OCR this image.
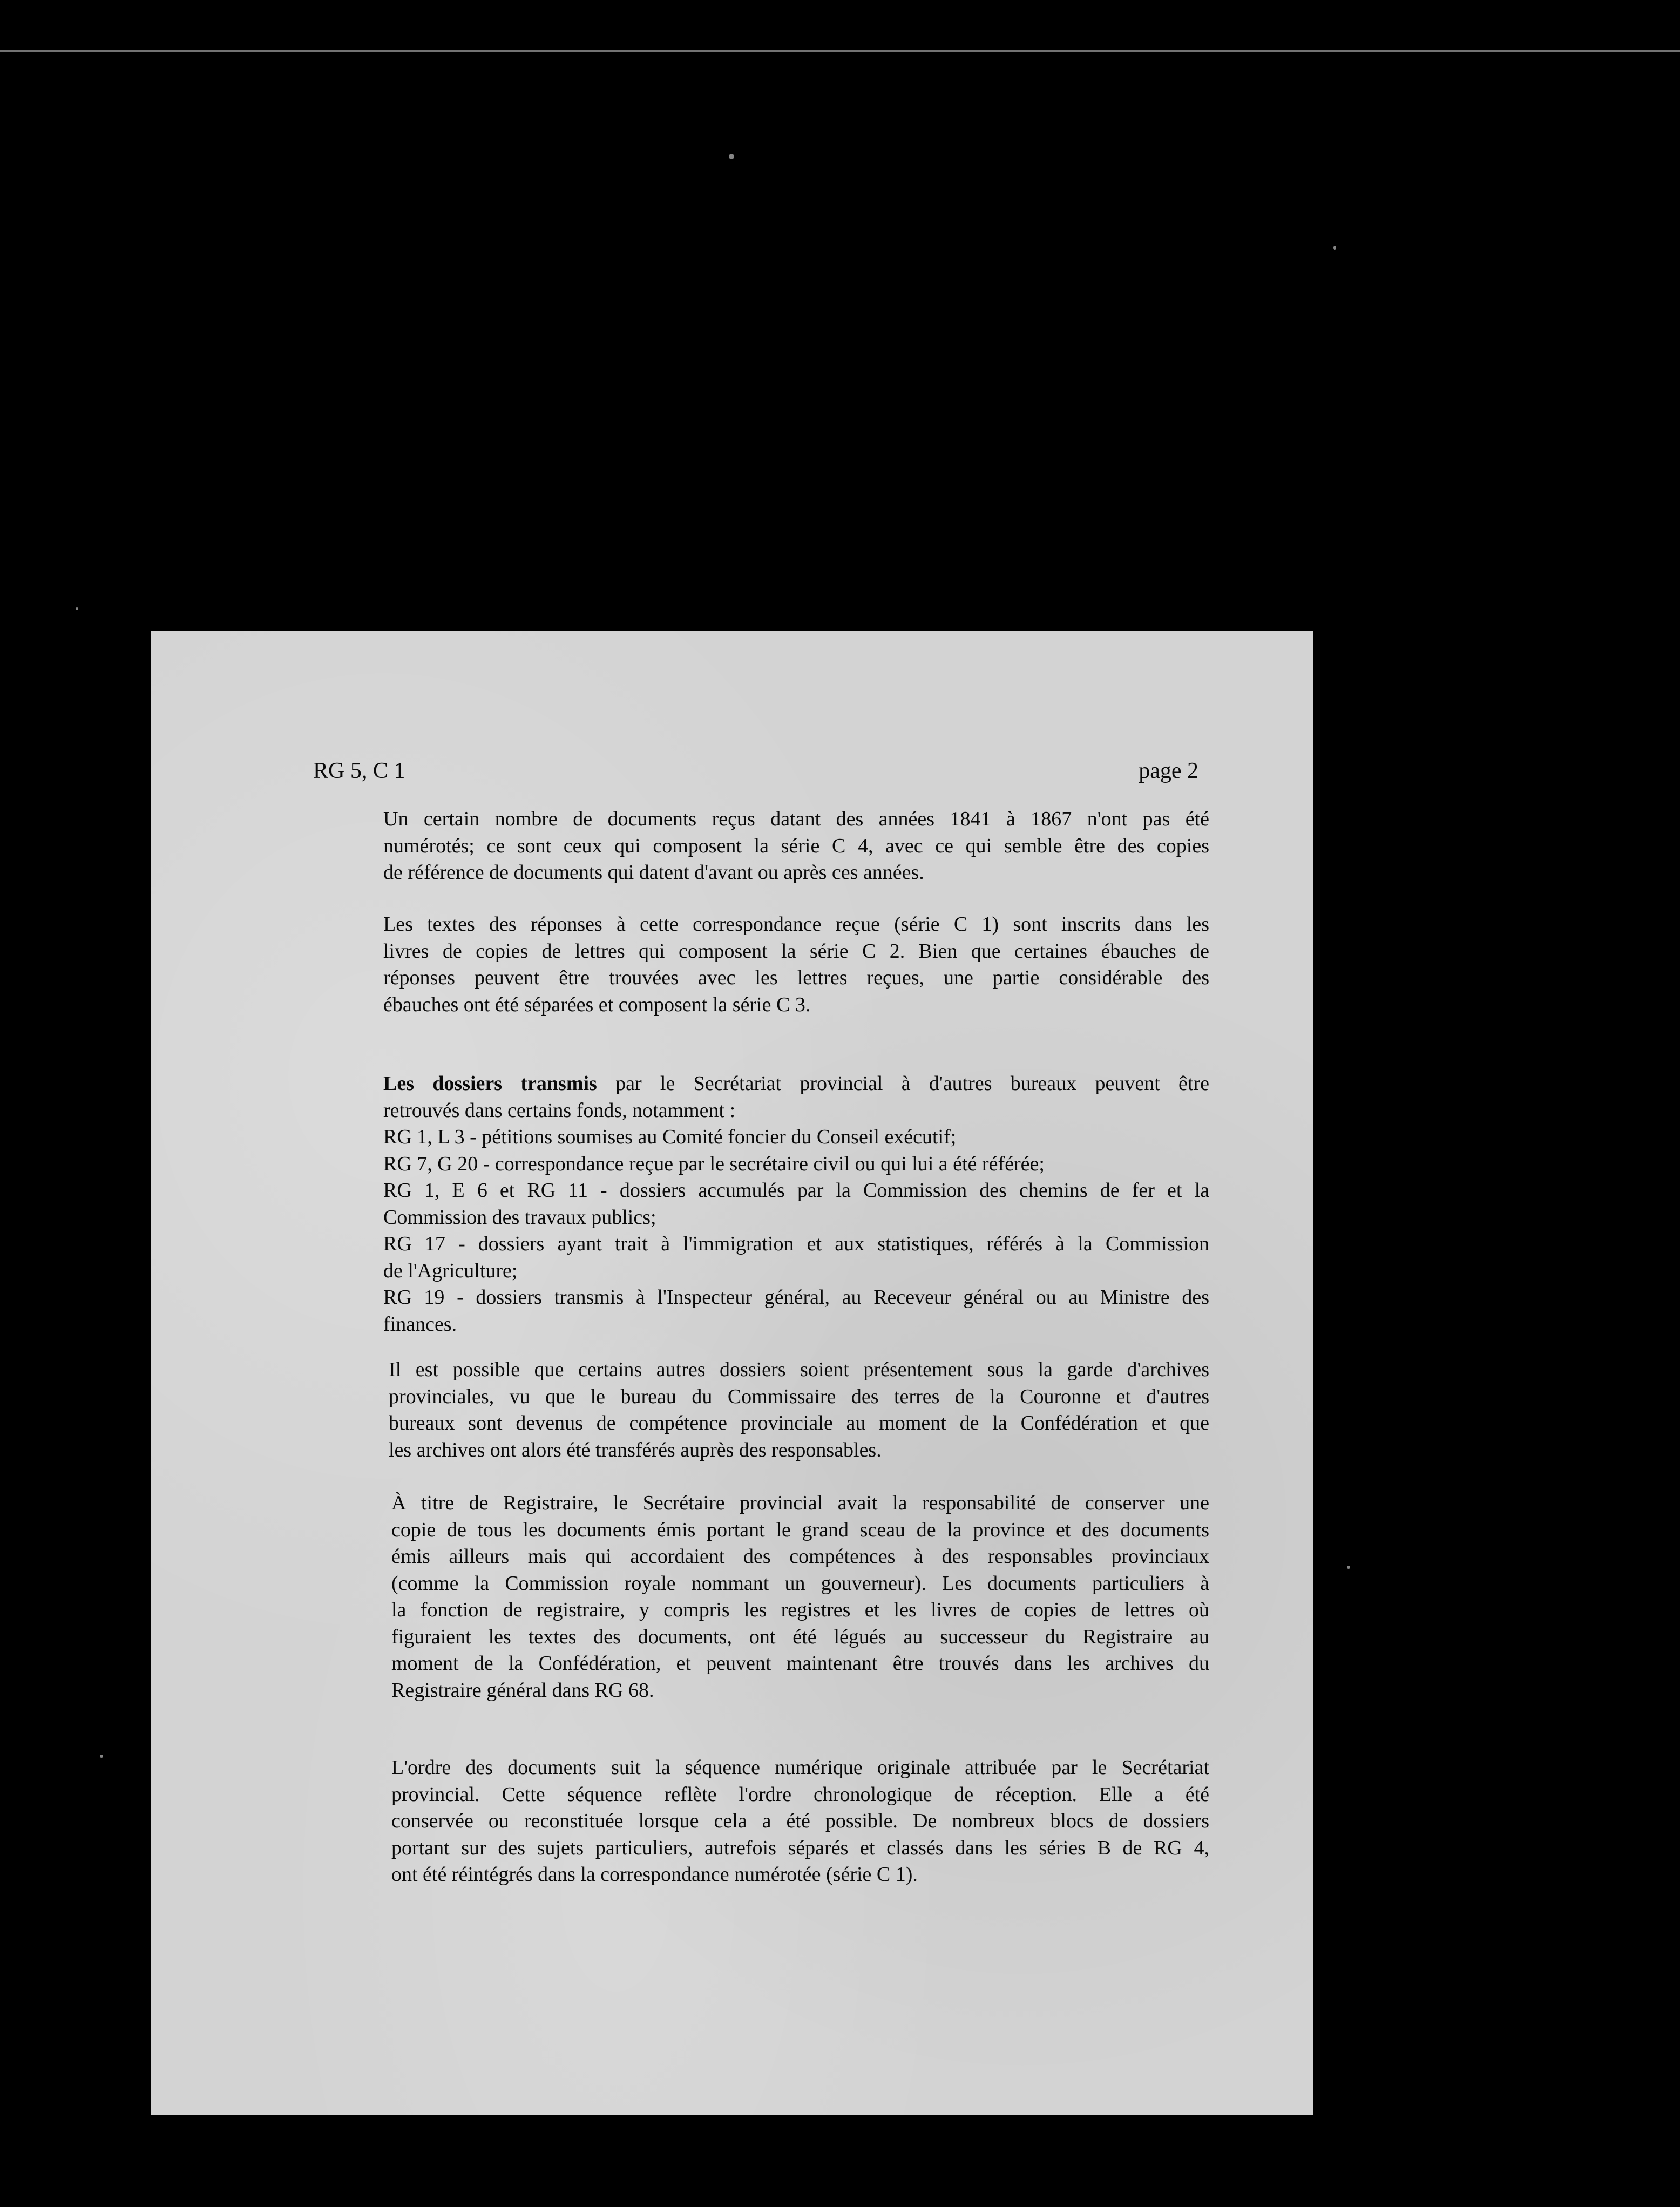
RG 5, C 1	page 2
Un certain nombre de documents reçus datant des années 1841 à 1867 n'ont pas été
numérotés; ce sont ceux qui composent la série C 4, avec ce qui semble être des copies
de référence de documents qui datent d'avant ou après ces années.
Les textes des réponses à cette correspondance reçue (série C 1) sont inscrits dans les
livres de copies de lettres qui composent la série C 2. Bien que certaines ébauches de
réponses peuvent être trouvées avec les lettres reçues, une partie considérable des
ébauches ont été séparées et composent la série C 3.
Les dossiers transmis par le Secrétariat provincial à d'autres bureaux peuvent être
retrouvés dans certains fonds, notamment :
RG 1, L 3 - pétitions soumises au Comité foncier du Conseil exécutif;
RG 7, G 20 - correspondance reçue par le secrétaire civil ou qui lui a été référée;
RG 1, E 6 et RG 11 - dossiers accumulés par la Commission des chemins de fer et la
Commission des travaux publics;
RG 17 - dossiers ayant trait à l'immigration et aux statistiques, référés à la Commission
de l'Agriculture;
RG 19 - dossiers transmis à l'Inspecteur général, au Receveur général ou au Ministre des
finances.
Il est possible que certains autres dossiers soient présentement sous la garde d'archives
provinciales, vu que le bureau du Commissaire des terres de la Couronne et d'autres
bureaux sont devenus de compétence provinciale au moment de la Confédération et que
les archives ont alors été transférés auprès des responsables.
À titre de Registraire, le Secrétaire provincial avait la responsabilité de conserver une
copie de tous les documents émis portant le grand sceau de la province et des documents
émis ailleurs mais qui accordaient des compétences à des responsables provinciaux
(comme la Commission royale nommant un gouverneur). Les documents particuliers à
la fonction de registraire, y compris les registres et les livres de copies de lettres où
figuraient les textes des documents, ont été légués au successeur du Registraire au
moment de la Confédération, et peuvent maintenant être trouvés dans les archives du
Registraire général dans RG 68.
L'ordre des documents suit la séquence numérique originale attribuée par le Secrétariat
provincial. Cette séquence reflète l'ordre chronologique de réception. Elle a été
conservée ou reconstituée lorsque cela a été possible. De nombreux blocs de dossiers
portant sur des sujets particuliers, autrefois séparés et classés dans les séries B de RG 4,
ont été réintégrés dans la correspondance numérotée (série C 1).
